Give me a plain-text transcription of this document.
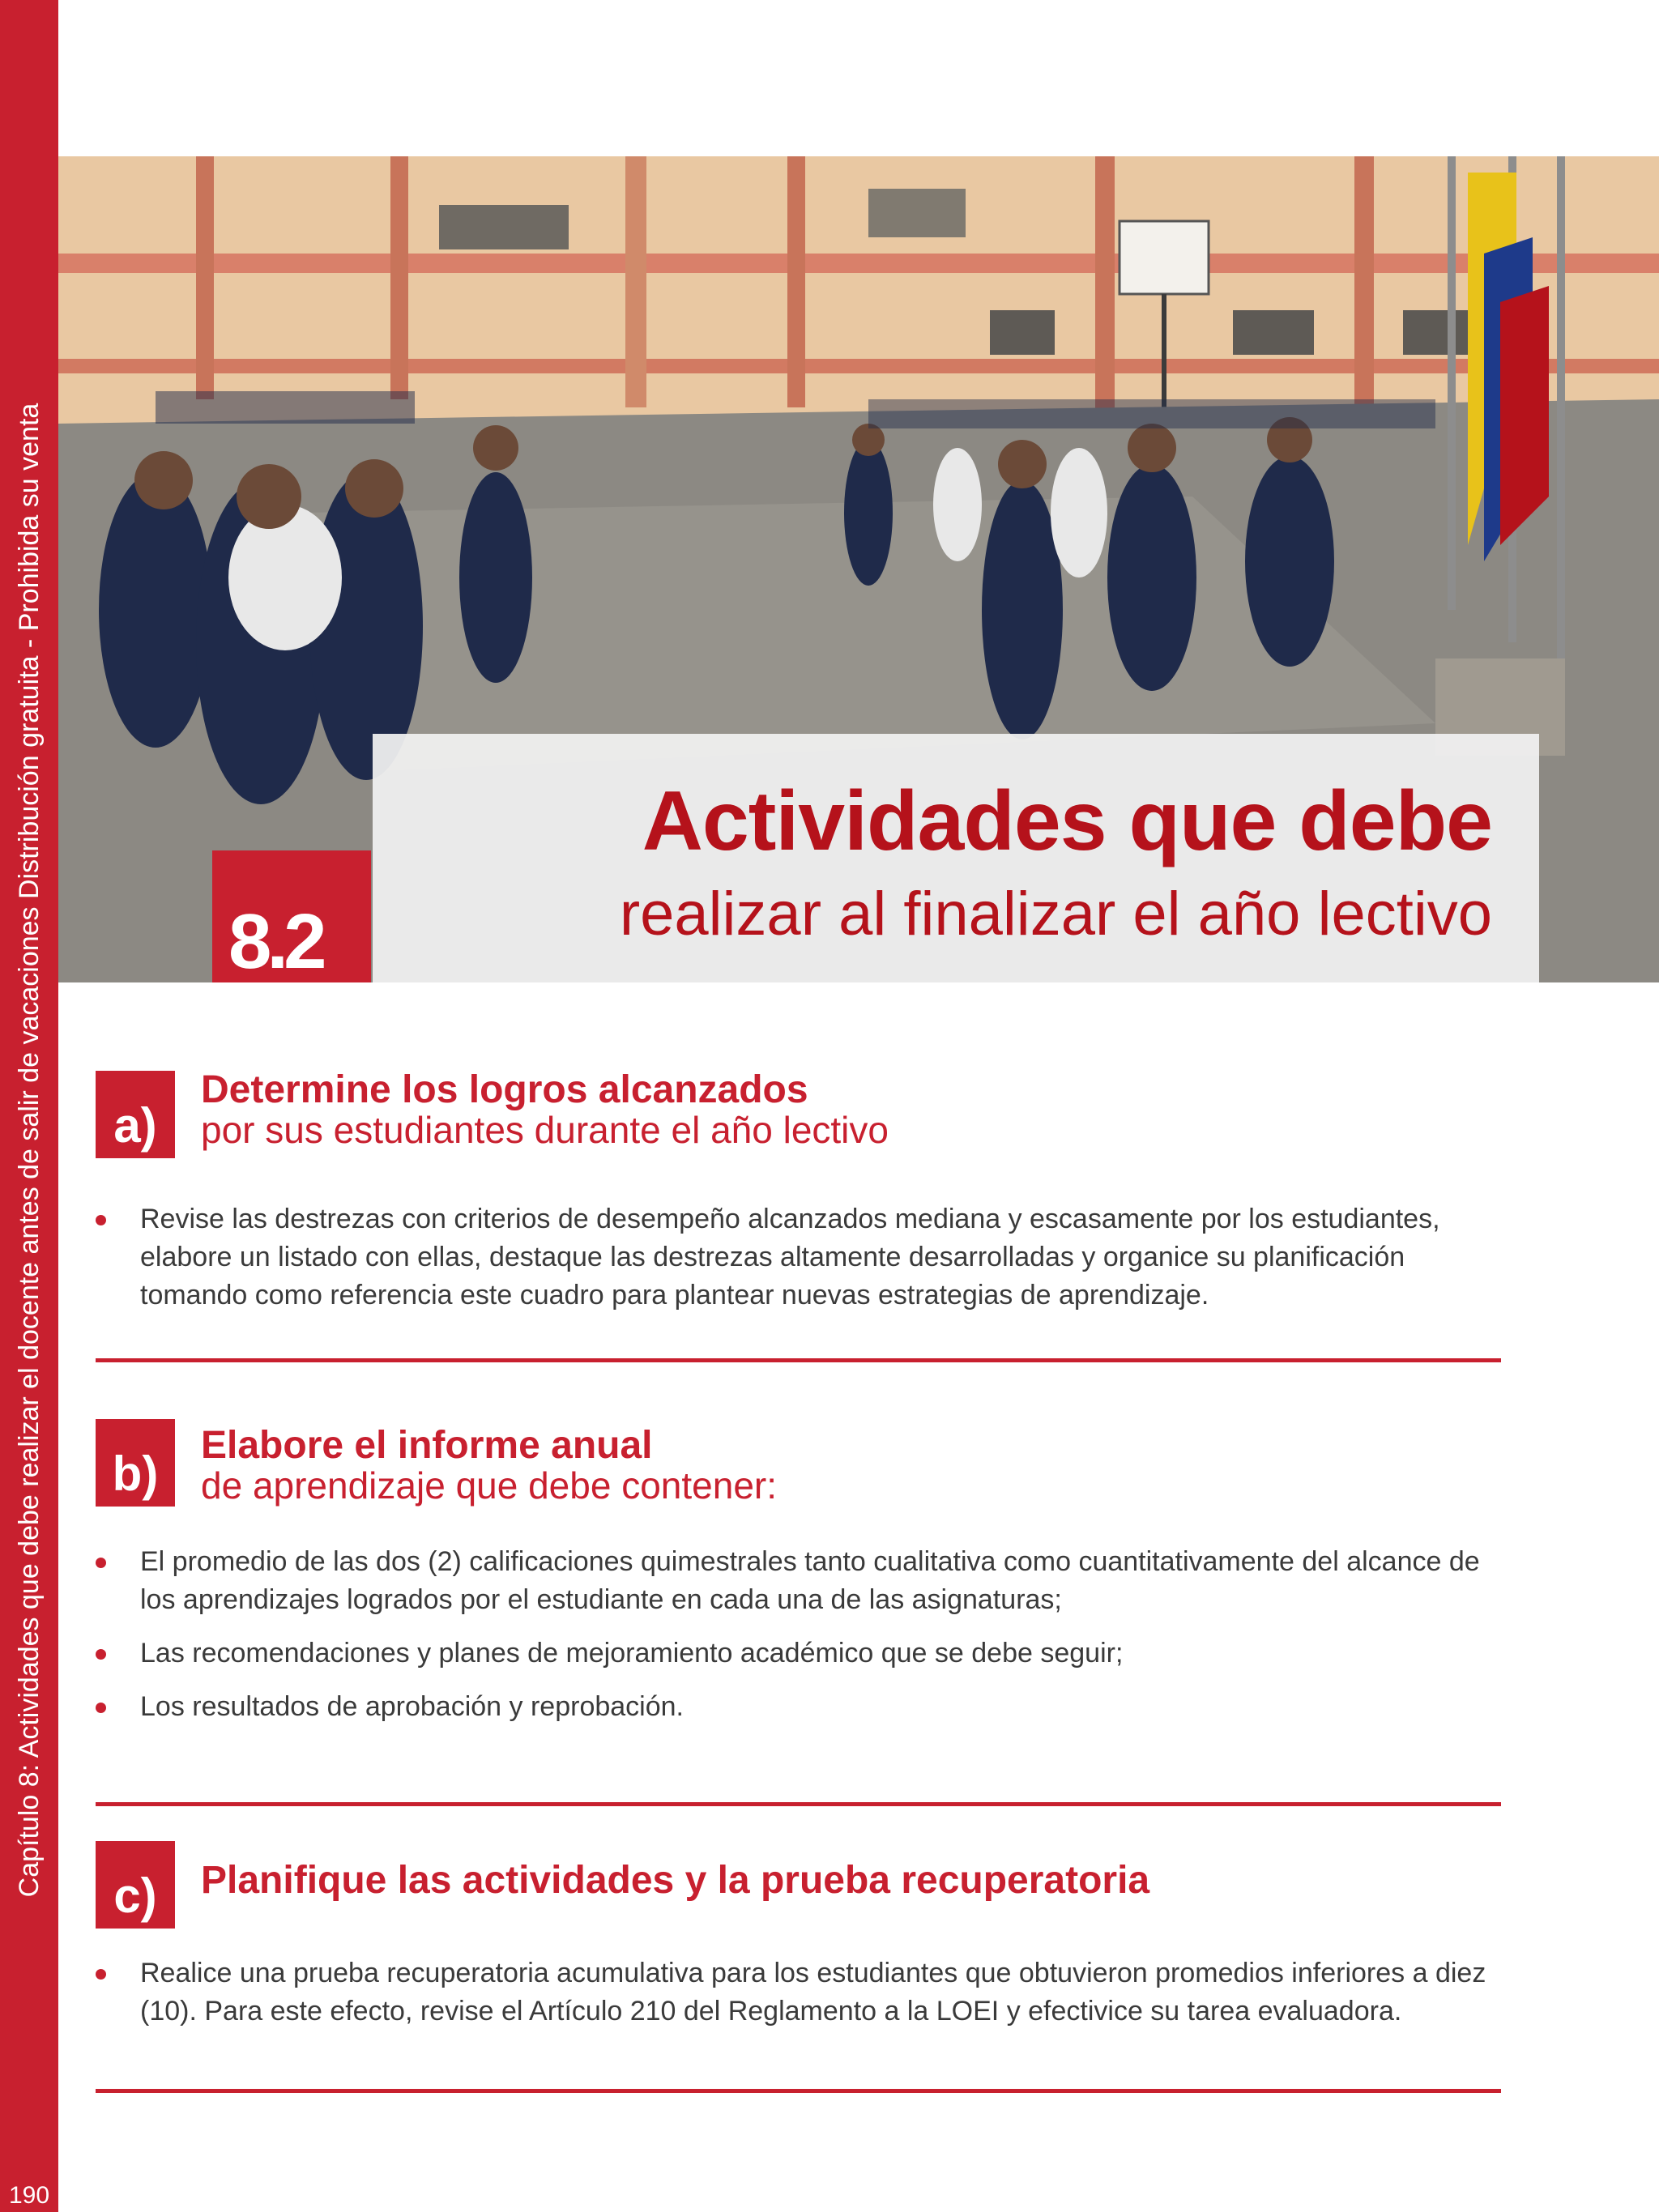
Capítulo 8: Actividades que debe realizar el docente antes de salir de vacaciones Distribución gratuita - Prohibida su venta
190
8.2
Actividades que debe
realizar al finalizar el año lectivo
a)
Determine los logros alcanzados
por sus estudiantes durante el año lectivo
Revise las destrezas con criterios de desempeño alcanzados mediana y escasamente por los estudiantes, elabore un listado con ellas, destaque las destrezas altamente desarrolladas y organice su planificación tomando como referencia este cuadro para plantear nuevas estrategias de aprendizaje.
b)
Elabore el informe anual
de aprendizaje que debe contener:
El promedio de las dos (2) calificaciones quimestrales tanto cualitativa como cuantitativamente del alcance de los aprendizajes logrados por el estudiante en cada una de las asignaturas;
Las recomendaciones y planes de mejoramiento académico que se debe seguir;
Los resultados de aprobación y reprobación.
c)	Planifique las actividades y la prueba recuperatoria
Realice una prueba recuperatoria acumulativa para los estudiantes que obtuvieron promedios inferiores a diez (10). Para este efecto, revise el Artículo 210 del Reglamento a la LOEI y efectivice su tarea evaluadora.
